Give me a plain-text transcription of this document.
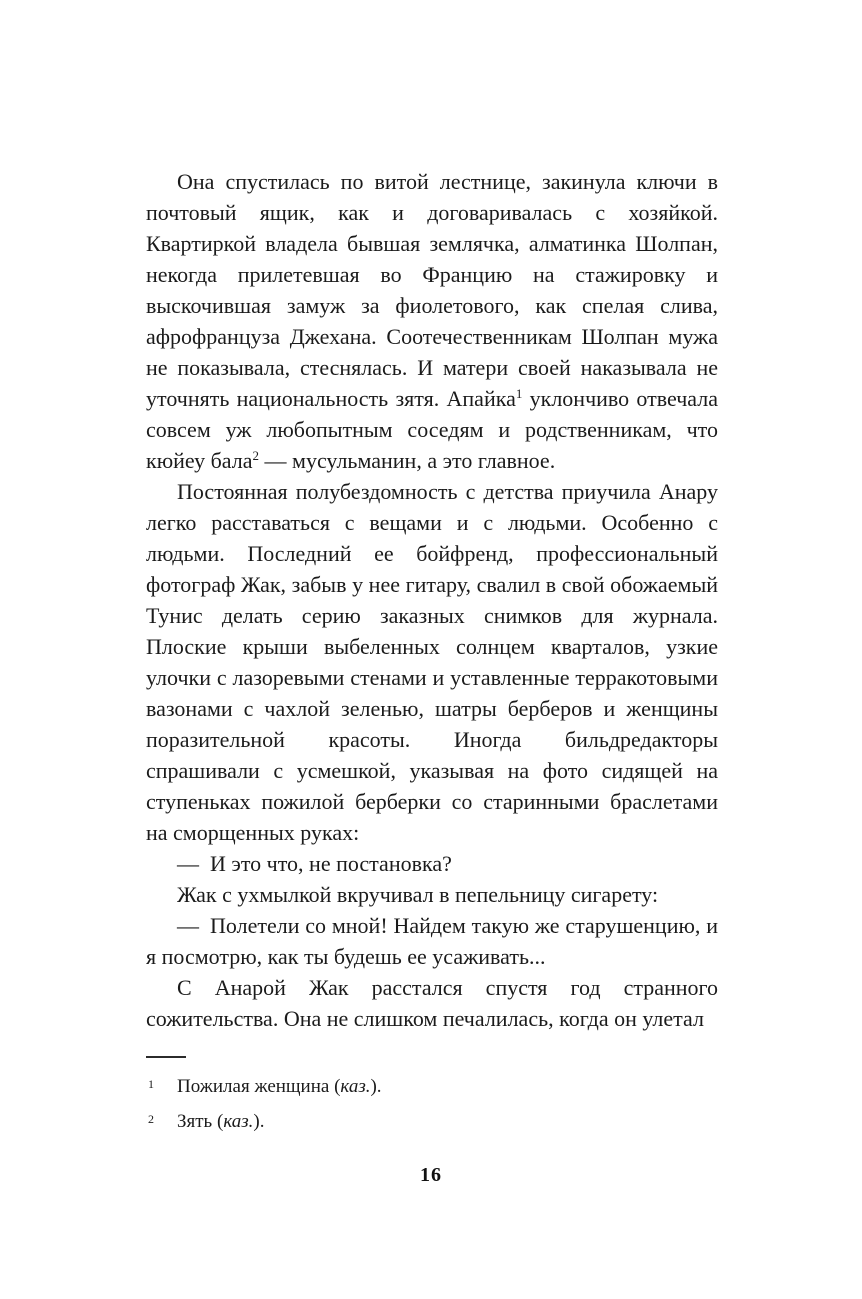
Она спустилась по витой лестнице, закинула ключи в почтовый ящик, как и договаривалась с хозяйкой. Квартиркой владела бывшая землячка, алматинка Шолпан, некогда прилетевшая во Францию на стажировку и выскочившая замуж за фиолетового, как спелая слива, афрофранцуза Джехана. Соотечественникам Шолпан мужа не показывала, стеснялась. И матери своей наказывала не уточнять национальность зятя. Апайка$^1$ уклончиво отвечала совсем уж любопытным соседям и родственникам, что кюйеу бала$^2$ — мусульманин, а это главное.

Постоянная полубездомность с детства приучила Анару легко расставаться с вещами и с людьми. Особенно с людьми. Последний ее бойфренд, профессиональный фотограф Жак, забыв у нее гитару, свалил в свой обожаемый Тунис делать серию заказных снимков для журнала. Плоские крыши выбеленных солнцем кварталов, узкие улочки с лазоревыми стенами и уставленные терракотовыми вазонами с чахлой зеленью, шатры берберов и женщины поразительной красоты. Иногда бильдредакторы спрашивали с усмешкой, указывая на фото сидящей на ступеньках пожилой берберки со старинными браслетами на сморщенных руках:

— И это что, не постановка?

Жак с ухмылкой вкручивал в пепельницу сигарету:

— Полетели со мной! Найдем такую же старушенцию, и я посмотрю, как ты будешь ее усаживать...

С Анарой Жак расстался спустя год странного сожительства. Она не слишком печалилась, когда он улетал

1 Пожилая женщина (каз.).

2 Зять (каз.).

16
